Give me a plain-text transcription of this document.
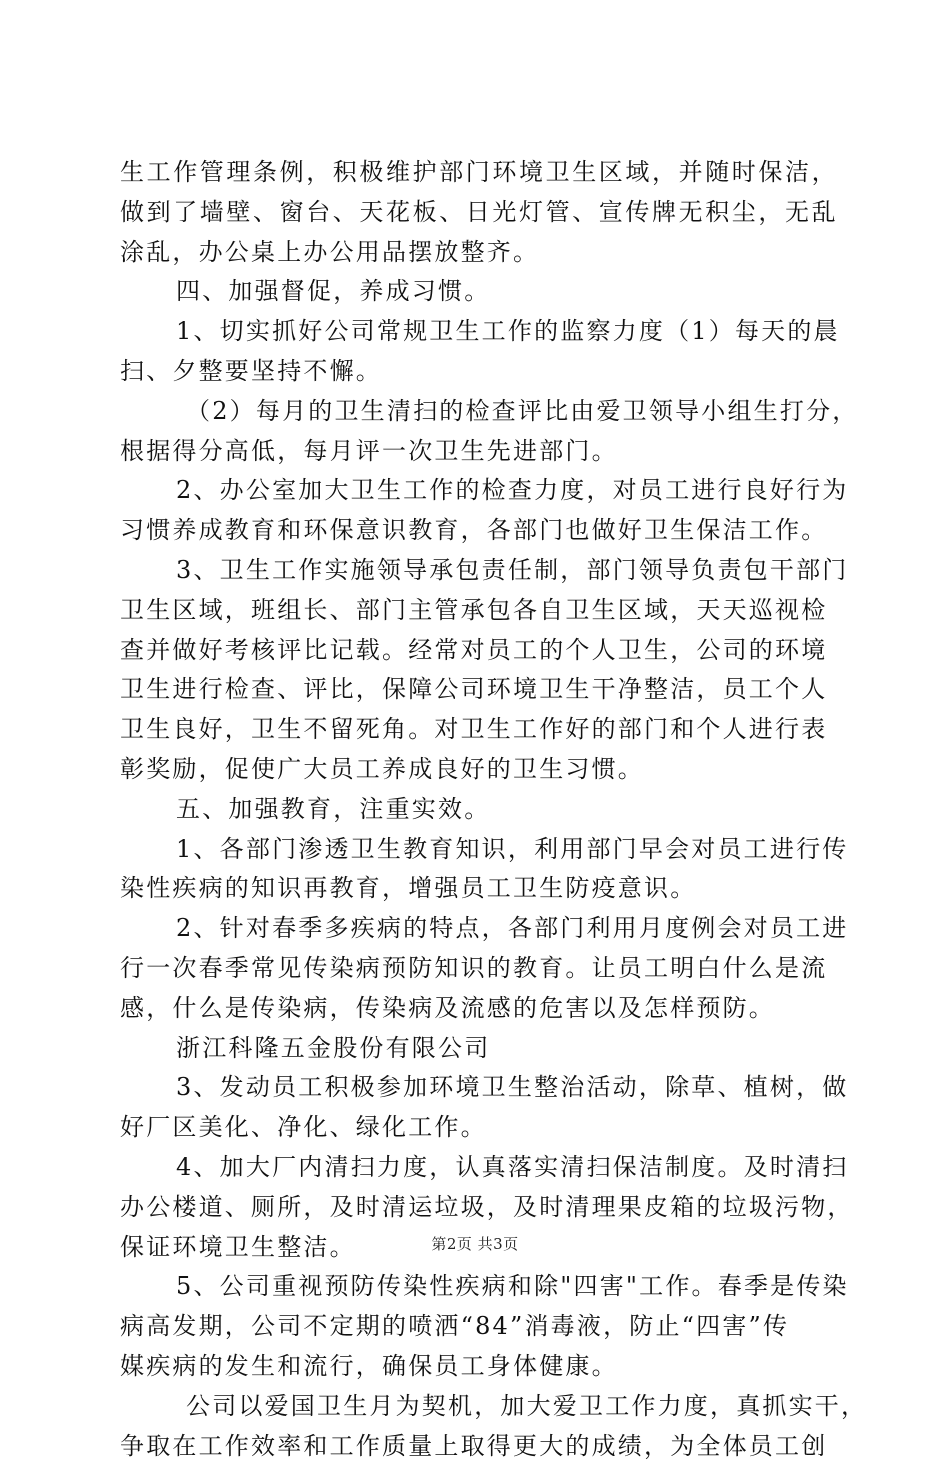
生工作管理条例，积极维护部门环境卫生区域，并随时保洁，
做到了墙壁、窗台、天花板、日光灯管、宣传牌无积尘，无乱
涂乱，办公桌上办公用品摆放整齐。
四、加强督促，养成习惯。
1、切实抓好公司常规卫生工作的监察力度（1）每天的晨
扫、夕整要坚持不懈。
（2）每月的卫生清扫的检查评比由爱卫领导小组生打分，
根据得分高低，每月评一次卫生先进部门。
2、办公室加大卫生工作的检查力度，对员工进行良好行为
习惯养成教育和环保意识教育，各部门也做好卫生保洁工作。
3、卫生工作实施领导承包责任制，部门领导负责包干部门
卫生区域，班组长、部门主管承包各自卫生区域，天天巡视检
查并做好考核评比记载。经常对员工的个人卫生，公司的环境
卫生进行检查、评比，保障公司环境卫生干净整洁，员工个人
卫生良好，卫生不留死角。对卫生工作好的部门和个人进行表
彰奖励，促使广大员工养成良好的卫生习惯。
五、加强教育，注重实效。
1、各部门渗透卫生教育知识，利用部门早会对员工进行传
染性疾病的知识再教育，增强员工卫生防疫意识。
2、针对春季多疾病的特点，各部门利用月度例会对员工进
行一次春季常见传染病预防知识的教育。让员工明白什么是流
感，什么是传染病，传染病及流感的危害以及怎样预防。
浙江科隆五金股份有限公司
3、发动员工积极参加环境卫生整治活动，除草、植树，做
好厂区美化、净化、绿化工作。
4、加大厂内清扫力度，认真落实清扫保洁制度。及时清扫
办公楼道、厕所，及时清运垃圾，及时清理果皮箱的垃圾污物，
保证环境卫生整洁。
5、公司重视预防传染性疾病和除"四害"工作。春季是传染
病高发期，公司不定期的喷洒“84”消毒液，防止“四害”传
媒疾病的发生和流行，确保员工身体健康。
公司以爱国卫生月为契机，加大爱卫工作力度，真抓实干，
争取在工作效率和工作质量上取得更大的成绩，为全体员工创
第2页 共3页
